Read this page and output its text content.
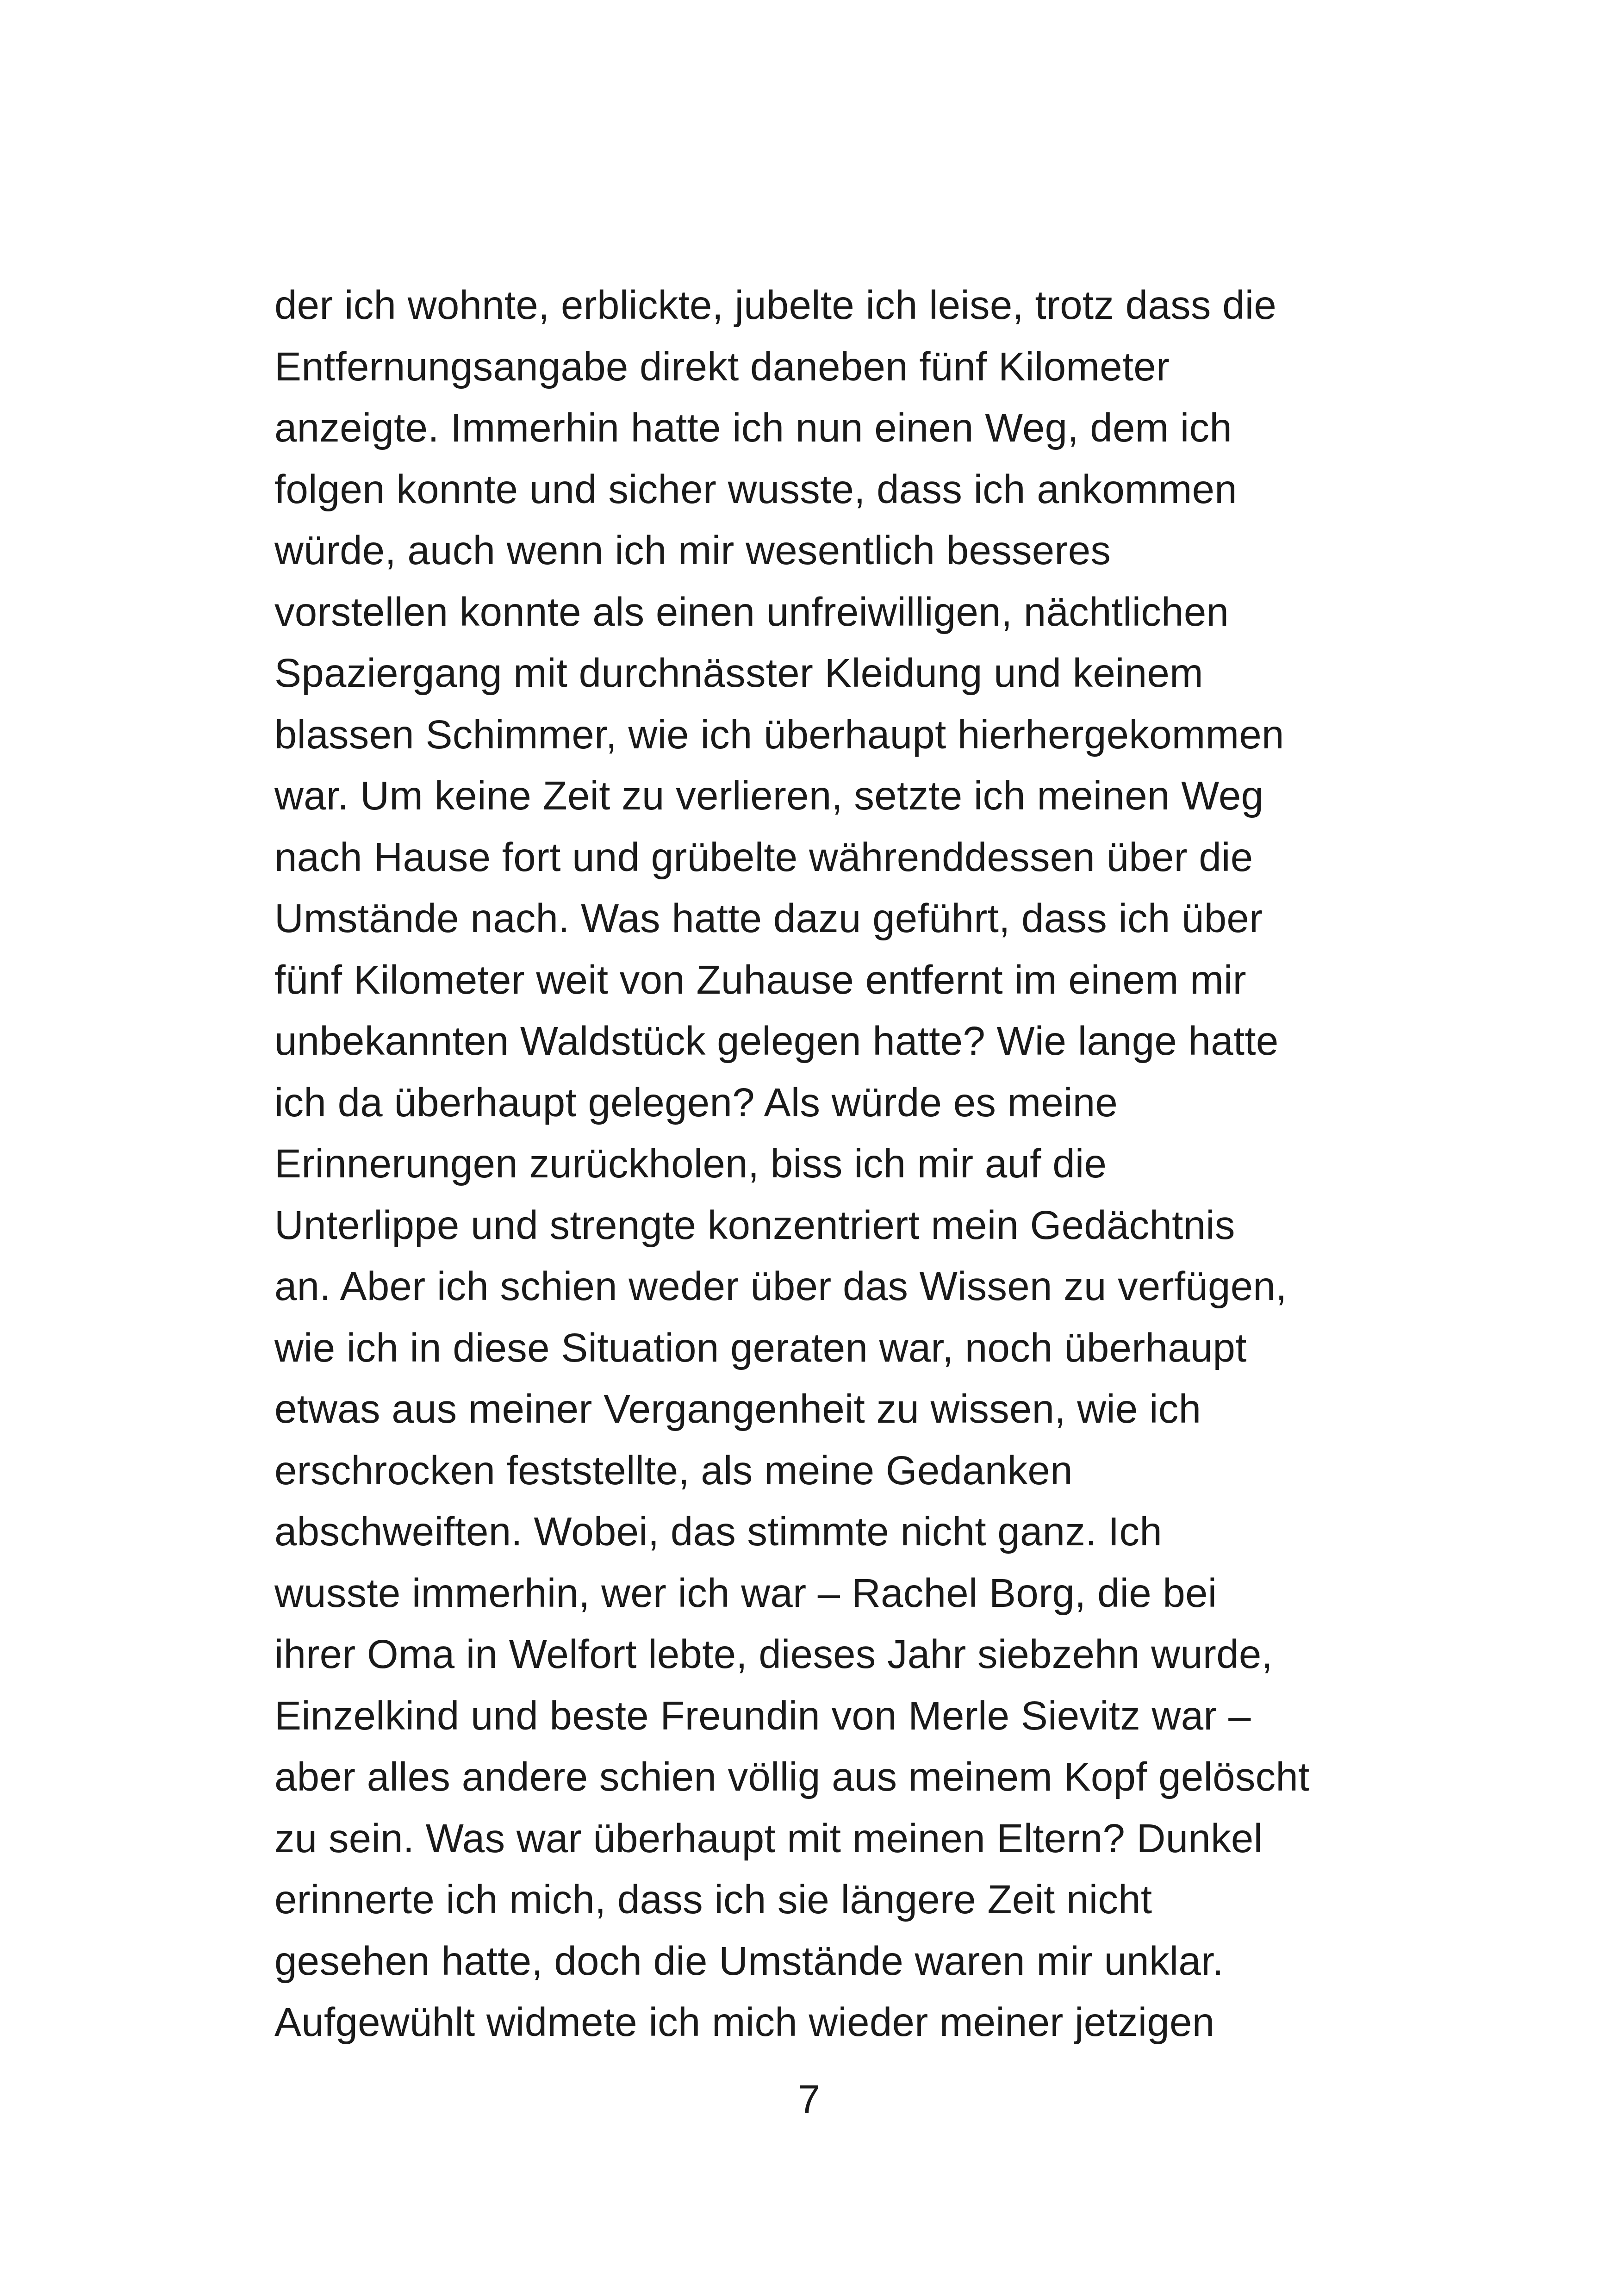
der ich wohnte, erblickte, jubelte ich leise, trotz dass die
Entfernungsangabe direkt daneben fünf Kilometer
anzeigte. Immerhin hatte ich nun einen Weg, dem ich
folgen konnte und sicher wusste, dass ich ankommen
würde, auch wenn ich mir wesentlich besseres
vorstellen konnte als einen unfreiwilligen, nächtlichen
Spaziergang mit durchnässter Kleidung und keinem
blassen Schimmer, wie ich überhaupt hierhergekommen
war. Um keine Zeit zu verlieren, setzte ich meinen Weg
nach Hause fort und grübelte währenddessen über die
Umstände nach. Was hatte dazu geführt, dass ich über
fünf Kilometer weit von Zuhause entfernt im einem mir
unbekannten Waldstück gelegen hatte? Wie lange hatte
ich da überhaupt gelegen? Als würde es meine
Erinnerungen zurückholen, biss ich mir auf die
Unterlippe und strengte konzentriert mein Gedächtnis
an. Aber ich schien weder über das Wissen zu verfügen,
wie ich in diese Situation geraten war, noch überhaupt
etwas aus meiner Vergangenheit zu wissen, wie ich
erschrocken feststellte, als meine Gedanken
abschweiften. Wobei, das stimmte nicht ganz. Ich
wusste immerhin, wer ich war – Rachel Borg, die bei
ihrer Oma in Welfort lebte, dieses Jahr siebzehn wurde,
Einzelkind und beste Freundin von Merle Sievitz war –
aber alles andere schien völlig aus meinem Kopf gelöscht
zu sein. Was war überhaupt mit meinen Eltern? Dunkel
erinnerte ich mich, dass ich sie längere Zeit nicht
gesehen hatte, doch die Umstände waren mir unklar.
Aufgewühlt widmete ich mich wieder meiner jetzigen
7
